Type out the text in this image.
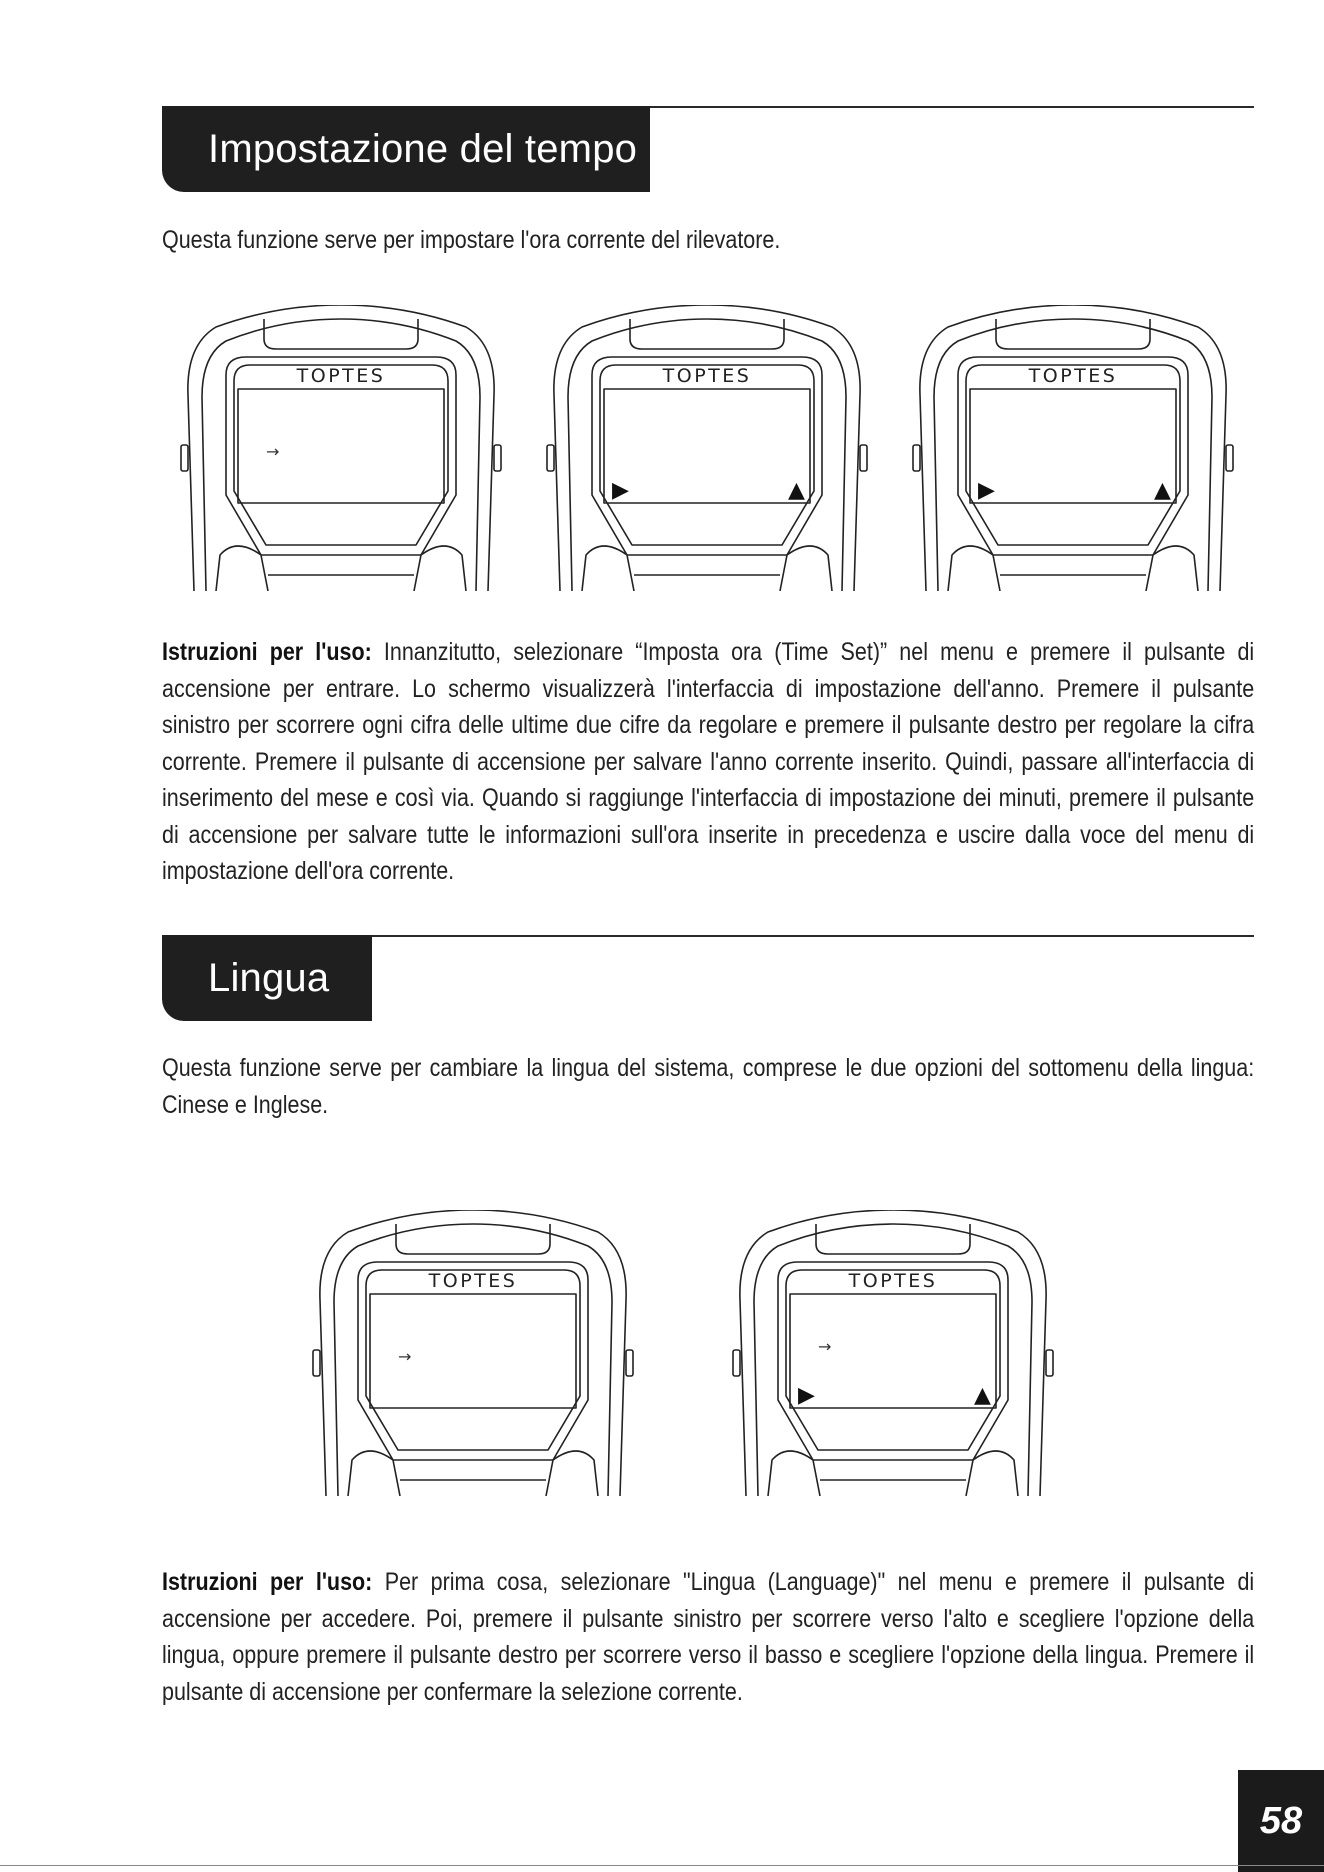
Impostazione del tempo

Questa funzione serve per impostare l'ora corrente del rilevatore.

TOPTES
→
TOPTES
▶	▲
TOPTES
▶	▲

Istruzioni per l'uso: Innanzitutto, selezionare “Imposta ora (Time Set)” nel menu e premere il pulsante di accensione per entrare. Lo schermo visualizzerà l'interfaccia di impostazione dell'anno. Premere il pulsante sinistro per scorrere ogni cifra delle ultime due cifre da regolare e premere il pulsante destro per regolare la cifra corrente. Premere il pulsante di accensione per salvare l'anno corrente inserito. Quindi, passare all'interfaccia di inserimento del mese e così via. Quando si raggiunge l'interfaccia di impostazione dei minuti, premere il pulsante di accensione per salvare tutte le informazioni sull'ora inserite in precedenza e uscire dalla voce del menu di impostazione dell'ora corrente.

Lingua

Questa funzione serve per cambiare la lingua del sistema, comprese le due opzioni del sottomenu della lingua: Cinese e Inglese.

TOPTES
→
TOPTES
→
▶	▲

Istruzioni per l'uso: Per prima cosa, selezionare "Lingua (Language)" nel menu e premere il pulsante di accensione per accedere. Poi, premere il pulsante sinistro per scorrere verso l'alto e scegliere l'opzione della lingua, oppure premere il pulsante destro per scorrere verso il basso e scegliere l'opzione della lingua. Premere il pulsante di accensione per confermare la selezione corrente.

58
